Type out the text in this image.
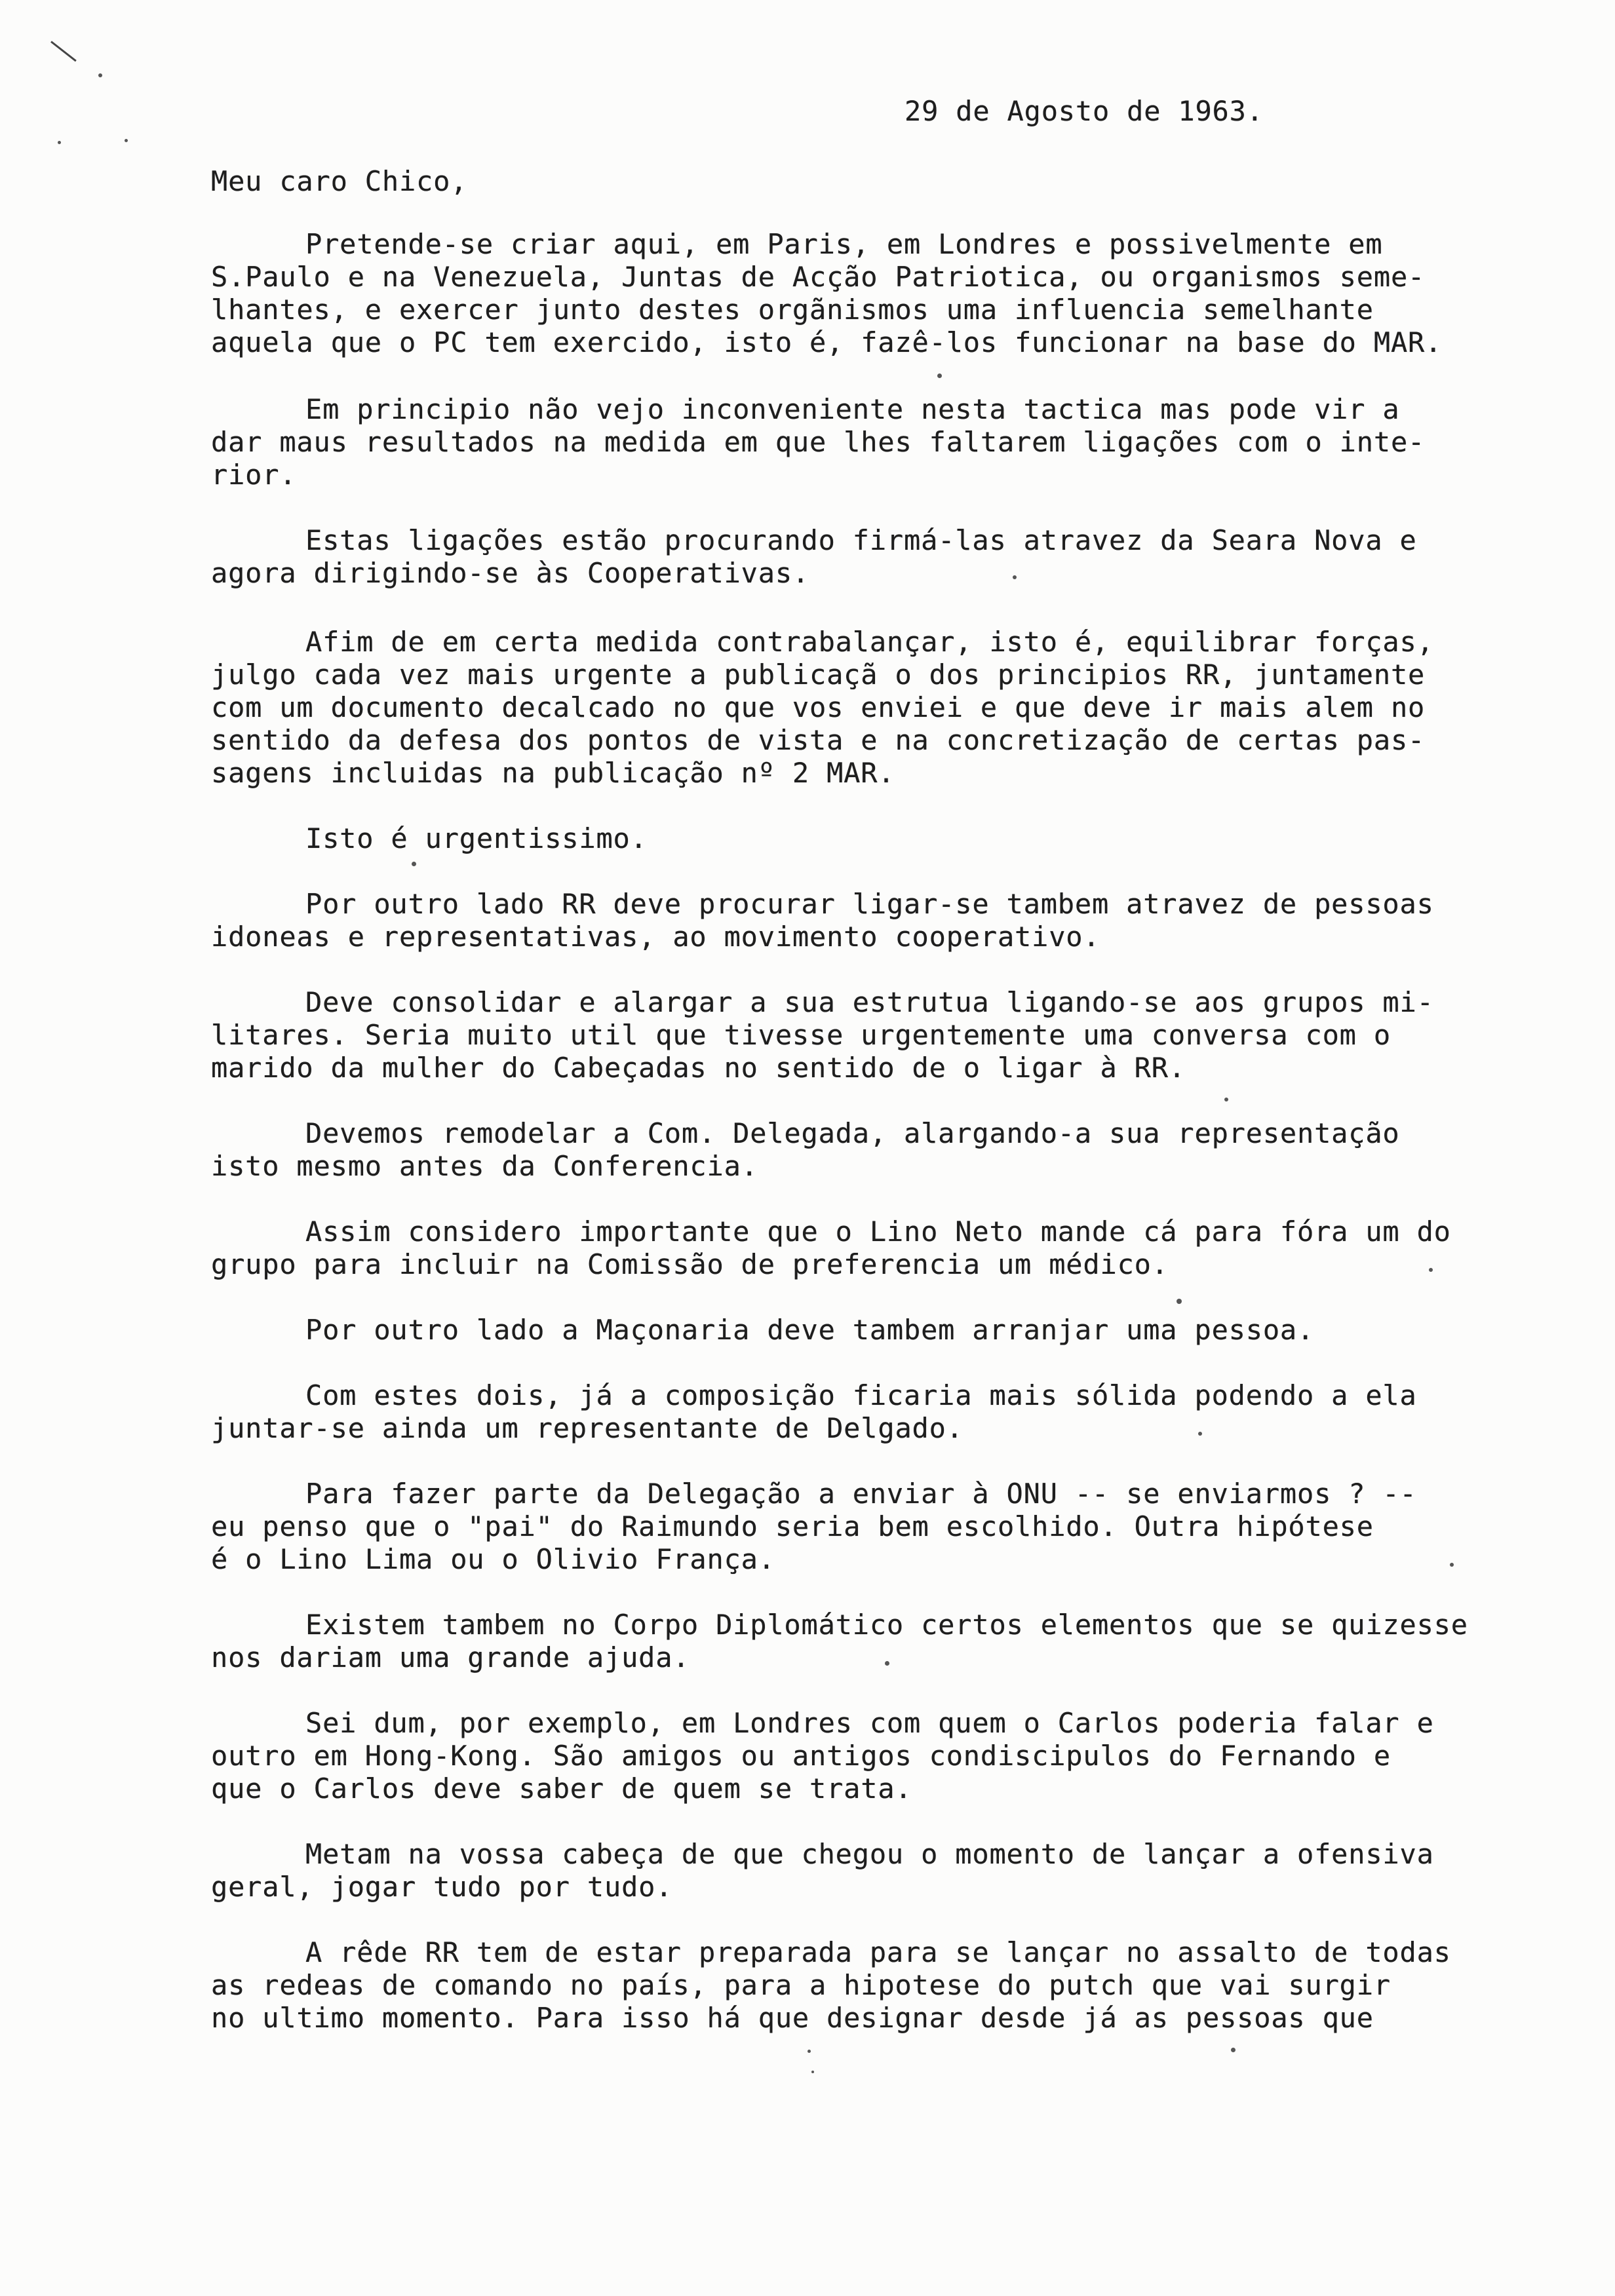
29 de Agosto de 1963.
Meu caro Chico,
Pretende-se criar aqui, em Paris, em Londres e possivelmente em
S.Paulo e na Venezuela, Juntas de Acção Patriotica, ou organismos seme-
lhantes, e exercer junto destes orgãnismos uma influencia semelhante
aquela que o PC tem exercido, isto é, fazê-los funcionar na base do MAR.
Em principio não vejo inconveniente nesta tactica mas pode vir a
dar maus resultados na medida em que lhes faltarem ligações com o inte-
rior.
Estas ligações estão procurando firmá-las atravez da Seara Nova e
agora dirigindo-se às Cooperativas.
Afim de em certa medida contrabalançar, isto é, equilibrar forças,
julgo cada vez mais urgente a publicaçã o dos principios RR, juntamente
com um documento decalcado no que vos enviei e que deve ir mais alem no
sentido da defesa dos pontos de vista e na concretização de certas pas-
sagens incluidas na publicação nº 2 MAR.
Isto é urgentissimo.
Por outro lado RR deve procurar ligar-se tambem atravez de pessoas
idoneas e representativas, ao movimento cooperativo.
Deve consolidar e alargar a sua estrutua ligando-se aos grupos mi-
litares. Seria muito util que tivesse urgentemente uma conversa com o
marido da mulher do Cabeçadas no sentido de o ligar à RR.
Devemos remodelar a Com. Delegada, alargando-a sua representação
isto mesmo antes da Conferencia.
Assim considero importante que o Lino Neto mande cá para fóra um do
grupo para incluir na Comissão de preferencia um médico.
Por outro lado a Maçonaria deve tambem arranjar uma pessoa.
Com estes dois, já a composição ficaria mais sólida podendo a ela
juntar-se ainda um representante de Delgado.
Para fazer parte da Delegação a enviar à ONU -- se enviarmos ? --
eu penso que o "pai" do Raimundo seria bem escolhido. Outra hipótese
é o Lino Lima ou o Olivio França.
Existem tambem no Corpo Diplomático certos elementos que se quizesse
nos dariam uma grande ajuda.
Sei dum, por exemplo, em Londres com quem o Carlos poderia falar e
outro em Hong-Kong. São amigos ou antigos condiscipulos do Fernando e
que o Carlos deve saber de quem se trata.
Metam na vossa cabeça de que chegou o momento de lançar a ofensiva
geral, jogar tudo por tudo.
A rêde RR tem de estar preparada para se lançar no assalto de todas
as redeas de comando no país, para a hipotese do putch que vai surgir
no ultimo momento. Para isso há que designar desde já as pessoas que
